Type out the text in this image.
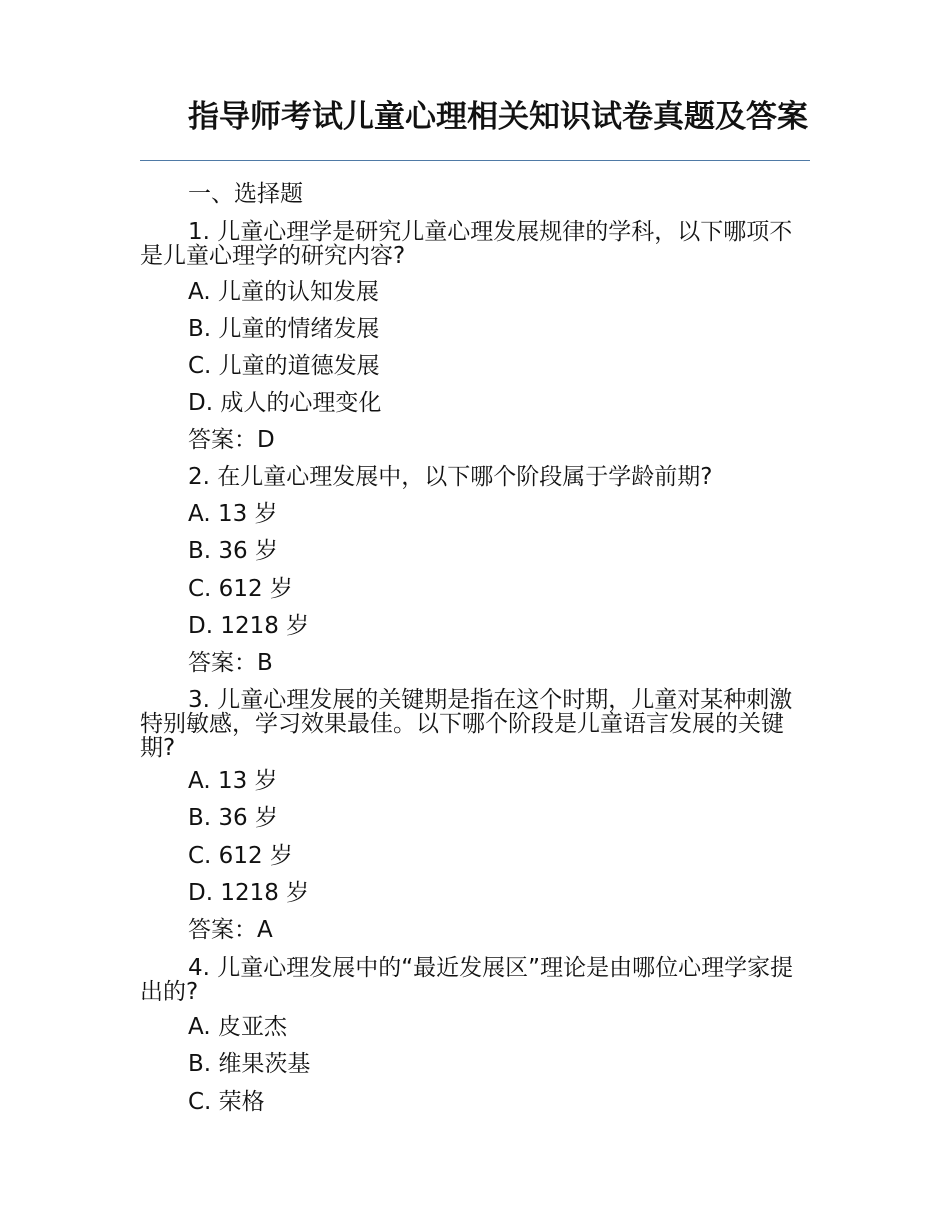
指导师考试儿童心理相关知识试卷真题及答案

一、选择题

1. 儿童心理学是研究儿童心理发展规律的学科，以下哪项不是儿童心理学的研究内容?

A. 儿童的认知发展

B. 儿童的情绪发展

C. 儿童的道德发展

D. 成人的心理变化

答案：D

2. 在儿童心理发展中，以下哪个阶段属于学龄前期?

A. 13 岁

B. 36 岁

C. 612 岁

D. 1218 岁

答案：B

3. 儿童心理发展的关键期是指在这个时期，儿童对某种刺激特别敏感，学习效果最佳。以下哪个阶段是儿童语言发展的关键期?

A. 13 岁

B. 36 岁

C. 612 岁

D. 1218 岁

答案：A

4. 儿童心理发展中的“最近发展区”理论是由哪位心理学家提出的?

A. 皮亚杰

B. 维果茨基

C. 荣格
